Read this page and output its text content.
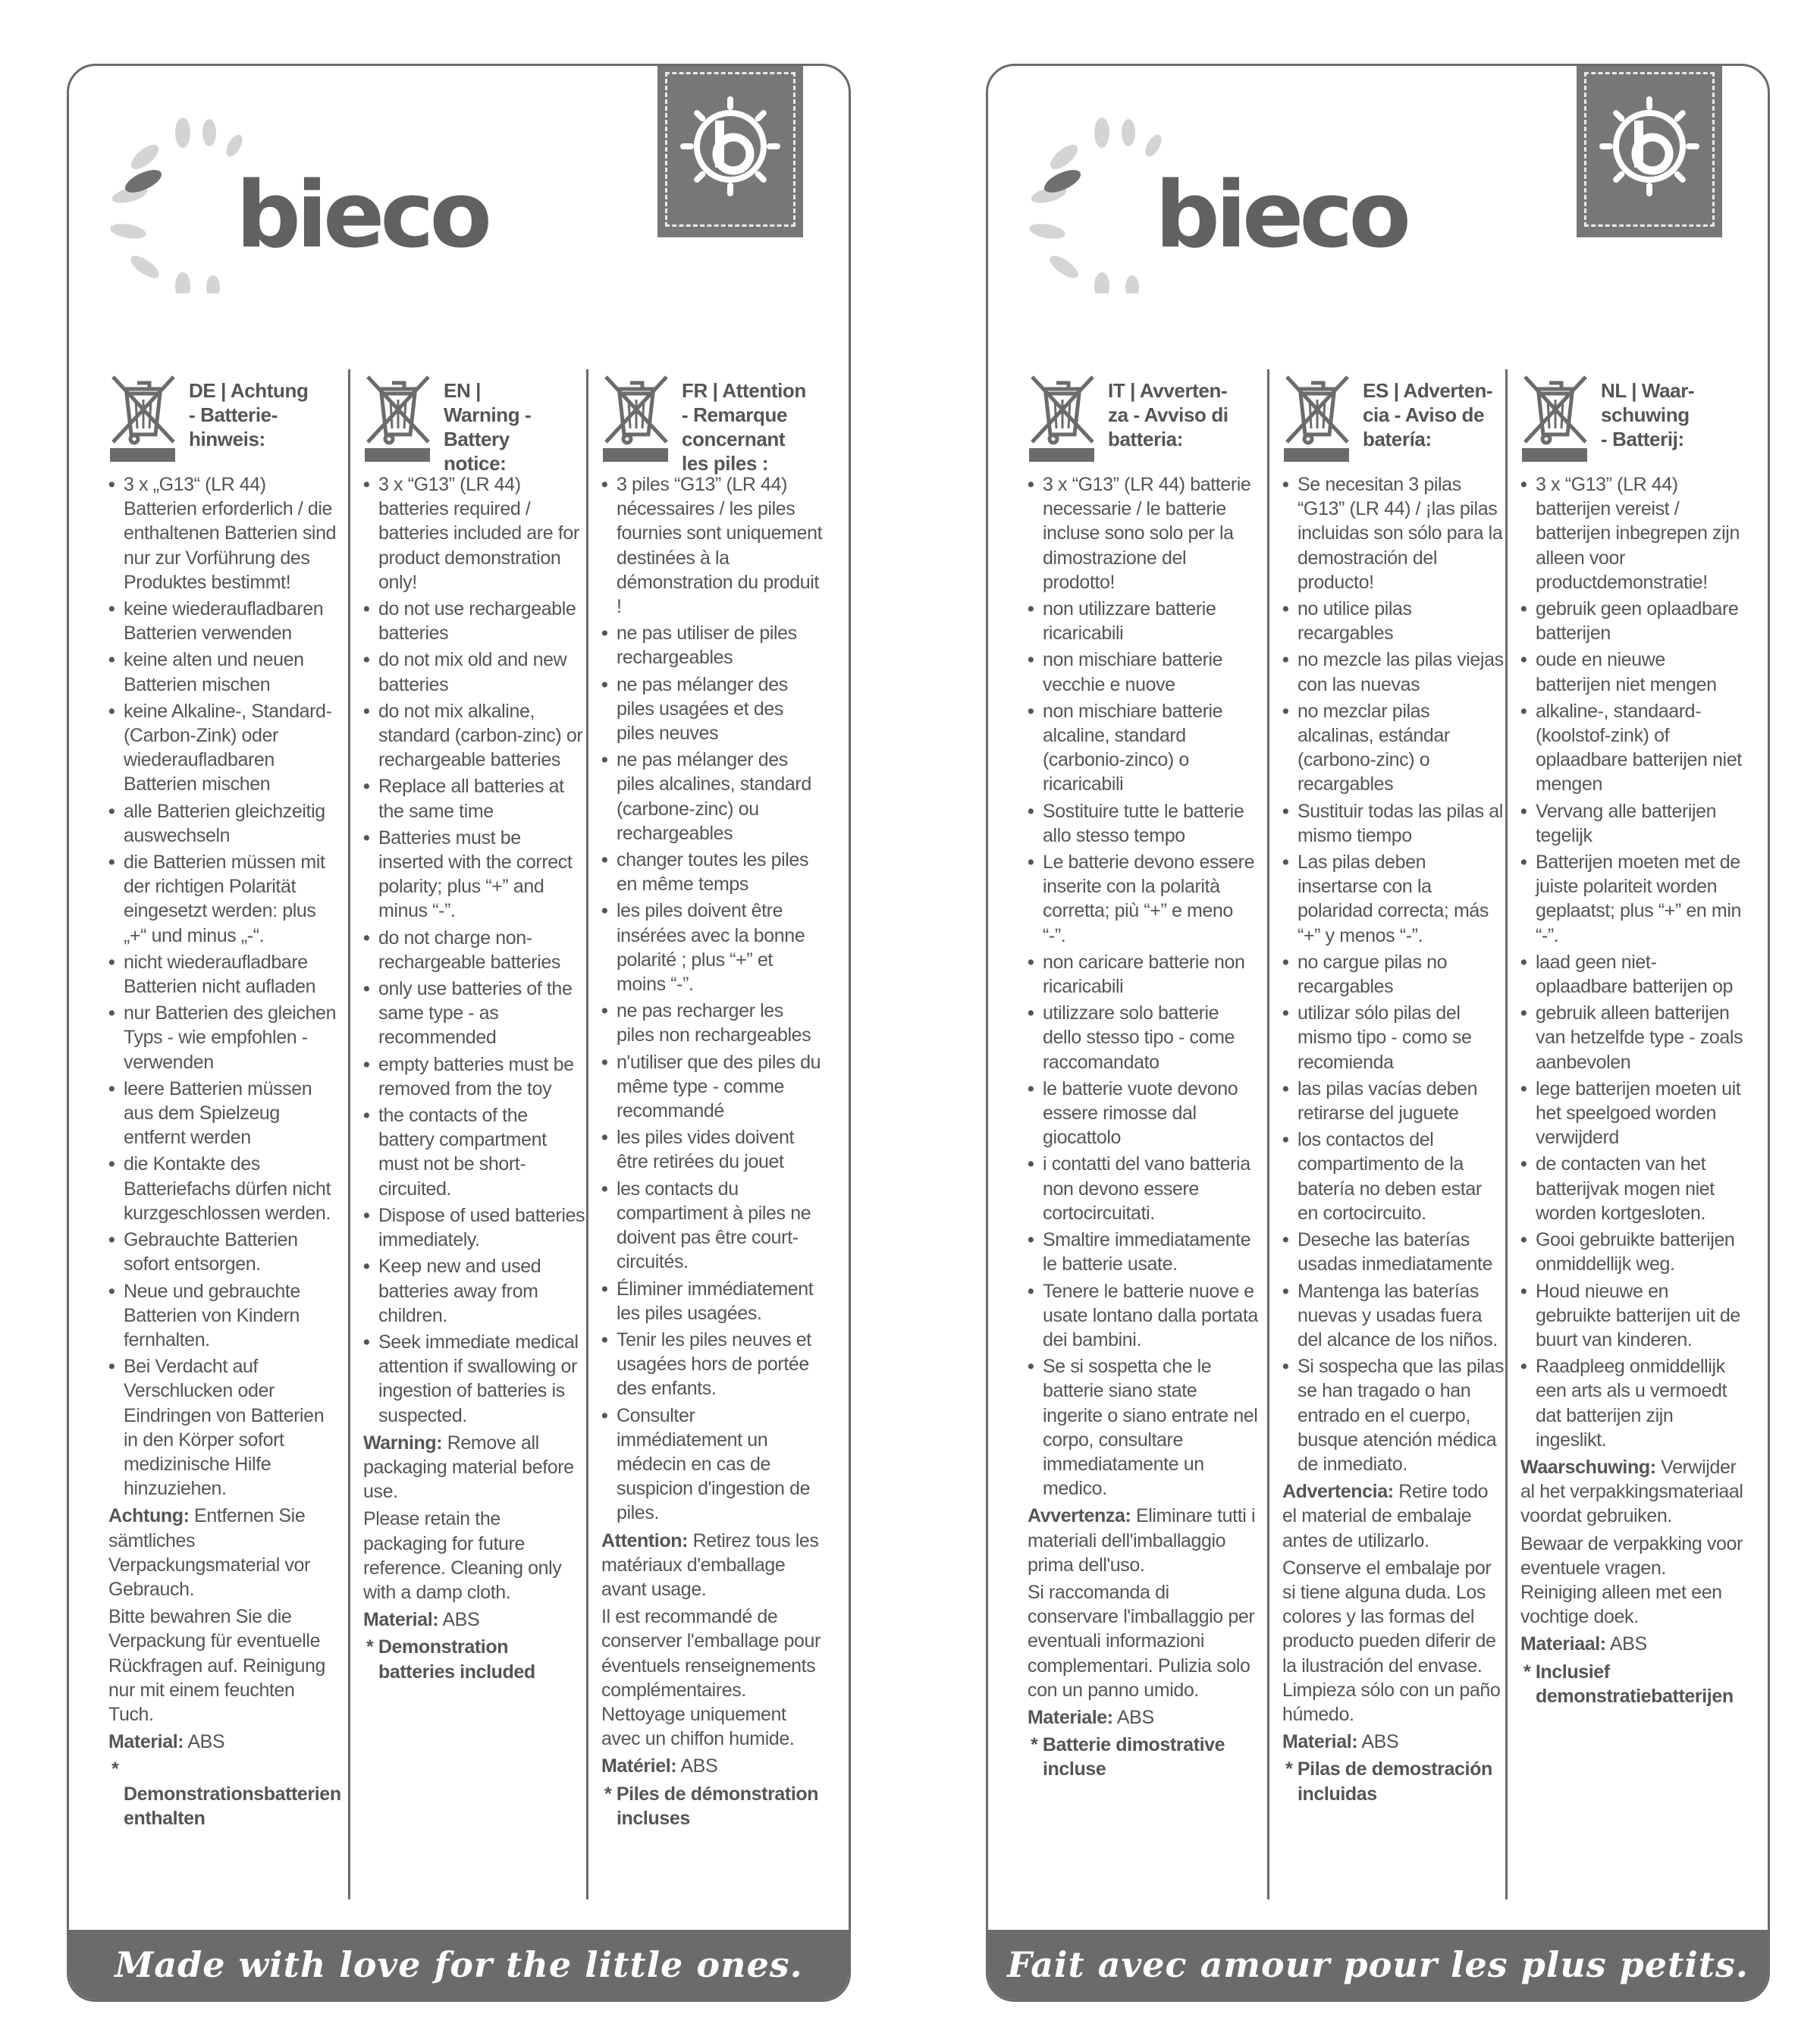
bieco
DE | Achtung
- Batterie-
hinweis:
• 3 x „G13“ (LR 44) Batterien erforderlich / die enthaltenen Batterien sind nur zur Vorführung des Produktes bestimmt!
• keine wiederaufladbaren Batterien verwenden
• keine alten und neuen Batterien mischen
• keine Alkaline-, Standard- (Carbon-Zink) oder wiederaufladbaren Batterien mischen
• alle Batterien gleichzeitig auswechseln
• die Batterien müssen mit der richtigen Polarität eingesetzt werden: plus „+“ und minus „-“.
• nicht wiederaufladbare Batterien nicht aufladen
• nur Batterien des gleichen Typs - wie empfohlen - verwenden
• leere Batterien müssen aus dem Spielzeug entfernt werden
• die Kontakte des Batteriefachs dürfen nicht kurzgeschlossen werden.
• Gebrauchte Batterien sofort entsorgen.
• Neue und gebrauchte Batterien von Kindern fernhalten.
• Bei Verdacht auf Verschlucken oder Eindringen von Batterien in den Körper sofort medizinische Hilfe hinzuziehen.
Achtung: Entfernen Sie sämtliches Verpackungsmaterial vor Gebrauch.
Bitte bewahren Sie die Verpackung für eventuelle Rückfragen auf. Reinigung nur mit einem feuchten Tuch.
Material: ABS
* Demonstrationsbatterien enthalten
EN |
Warning -
Battery
notice:
• 3 x “G13” (LR 44) batteries required / batteries included are for product demonstration only!
• do not use rechargeable batteries
• do not mix old and new batteries
• do not mix alkaline, standard (carbon-zinc) or rechargeable batteries
• Replace all batteries at the same time
• Batteries must be inserted with the correct polarity; plus “+” and minus “-”.
• do not charge non-rechargeable batteries
• only use batteries of the same type - as recommended
• empty batteries must be removed from the toy
• the contacts of the battery compartment must not be short-circuited.
• Dispose of used batteries immediately.
• Keep new and used batteries away from children.
• Seek immediate medical attention if swallowing or ingestion of batteries is suspected.
Warning: Remove all packaging material before use.
Please retain the packaging for future reference. Cleaning only with a damp cloth.
Material: ABS
* Demonstration batteries included
FR | Attention
- Remarque
concernant
les piles :
• 3 piles “G13” (LR 44) nécessaires / les piles fournies sont uniquement destinées à la démonstration du produit !
• ne pas utiliser de piles rechargeables
• ne pas mélanger des piles usagées et des piles neuves
• ne pas mélanger des piles alcalines, standard (carbone-zinc) ou rechargeables
• changer toutes les piles en même temps
• les piles doivent être insérées avec la bonne polarité ; plus “+” et moins “-”.
• ne pas recharger les piles non rechargeables
• n'utiliser que des piles du même type - comme recommandé
• les piles vides doivent être retirées du jouet
• les contacts du compartiment à piles ne doivent pas être court-circuités.
• Éliminer immédiatement les piles usagées.
• Tenir les piles neuves et usagées hors de portée des enfants.
• Consulter immédiatement un médecin en cas de suspicion d'ingestion de piles.
Attention: Retirez tous les matériaux d'emballage avant usage.
Il est recommandé de conserver l'emballage pour éventuels renseignements complémentaires. Nettoyage uniquement avec un chiffon humide.
Matériel: ABS
* Piles de démonstration incluses
Made with love for the little ones.
bieco
IT | Avverten-
za - Avviso di
batteria:
• 3 x “G13” (LR 44) batterie necessarie / le batterie incluse sono solo per la dimostrazione del prodotto!
• non utilizzare batterie ricaricabili
• non mischiare batterie vecchie e nuove
• non mischiare batterie alcaline, standard (carbonio-zinco) o ricaricabili
• Sostituire tutte le batterie allo stesso tempo
• Le batterie devono essere inserite con la polarità corretta; più “+” e meno “-”.
• non caricare batterie non ricaricabili
• utilizzare solo batterie dello stesso tipo - come raccomandato
• le batterie vuote devono essere rimosse dal giocattolo
• i contatti del vano batteria non devono essere cortocircuitati.
• Smaltire immediatamente le batterie usate.
• Tenere le batterie nuove e usate lontano dalla portata dei bambini.
• Se si sospetta che le batterie siano state ingerite o siano entrate nel corpo, consultare immediatamente un medico.
Avvertenza: Eliminare tutti i materiali dell'imballaggio prima dell'uso.
Si raccomanda di conservare l'imballaggio per eventuali informazioni complementari. Pulizia solo con un panno umido.
Materiale: ABS
* Batterie dimostrative incluse
ES | Adverten-
cia - Aviso de
batería:
• Se necesitan 3 pilas “G13” (LR 44) / ¡las pilas incluidas son sólo para la demostración del producto!
• no utilice pilas recargables
• no mezcle las pilas viejas con las nuevas
• no mezclar pilas alcalinas, estándar (carbono-zinc) o recargables
• Sustituir todas las pilas al mismo tiempo
• Las pilas deben insertarse con la polaridad correcta; más “+” y menos “-”.
• no cargue pilas no recargables
• utilizar sólo pilas del mismo tipo - como se recomienda
• las pilas vacías deben retirarse del juguete
• los contactos del compartimento de la batería no deben estar en cortocircuito.
• Deseche las baterías usadas inmediatamente
• Mantenga las baterías nuevas y usadas fuera del alcance de los niños.
• Si sospecha que las pilas se han tragado o han entrado en el cuerpo, busque atención médica de inmediato.
Advertencia: Retire todo el material de embalaje antes de utilizarlo.
Conserve el embalaje por si tiene alguna duda. Los colores y las formas del producto pueden diferir de la ilustración del envase. Limpieza sólo con un paño húmedo.
Material: ABS
* Pilas de demostración incluidas
NL | Waar-
schuwing
- Batterij:
• 3 x “G13” (LR 44) batterijen vereist / batterijen inbegrepen zijn alleen voor productdemonstratie!
• gebruik geen oplaadbare batterijen
• oude en nieuwe batterijen niet mengen
• alkaline-, standaard- (koolstof-zink) of oplaadbare batterijen niet mengen
• Vervang alle batterijen tegelijk
• Batterijen moeten met de juiste polariteit worden geplaatst; plus “+” en min “-”.
• laad geen niet-oplaadbare batterijen op
• gebruik alleen batterijen van hetzelfde type - zoals aanbevolen
• lege batterijen moeten uit het speelgoed worden verwijderd
• de contacten van het batterijvak mogen niet worden kortgesloten.
• Gooi gebruikte batterijen onmiddellijk weg.
• Houd nieuwe en gebruikte batterijen uit de buurt van kinderen.
• Raadpleeg onmiddellijk een arts als u vermoedt dat batterijen zijn ingeslikt.
Waarschuwing: Verwijder al het verpakkingsmateriaal voordat gebruiken.
Bewaar de verpakking voor eventuele vragen. Reiniging alleen met een vochtige doek.
Materiaal: ABS
* Inclusief demonstratiebatterijen
Fait avec amour pour les plus petits.
